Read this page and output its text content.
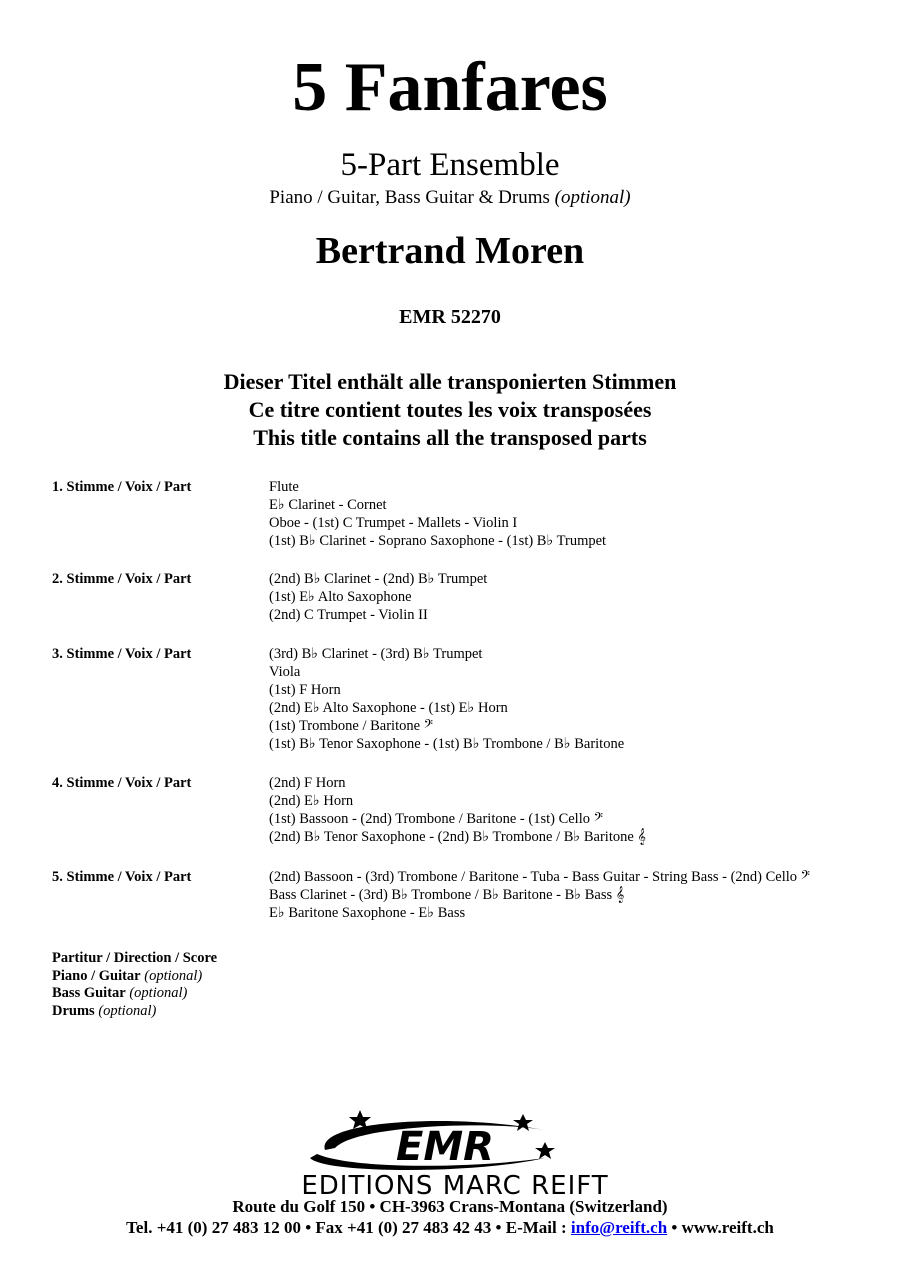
5 Fanfares
5-Part Ensemble
Piano / Guitar, Bass Guitar & Drums (optional)
Bertrand Moren
EMR 52270
Dieser Titel enthält alle transponierten Stimmen
Ce titre contient toutes les voix transposées
This title contains all the transposed parts
1. Stimme / Voix / Part	Flute
E♭ Clarinet - Cornet
Oboe - (1st) C Trumpet - Mallets - Violin I
(1st) B♭ Clarinet - Soprano Saxophone - (1st) B♭ Trumpet
2. Stimme / Voix / Part	(2nd) B♭ Clarinet - (2nd) B♭ Trumpet
(1st) E♭ Alto Saxophone
(2nd) C Trumpet - Violin II
3. Stimme / Voix / Part	(3rd) B♭ Clarinet - (3rd) B♭ Trumpet
Viola
(1st) F Horn
(2nd) E♭ Alto Saxophone - (1st) E♭ Horn
(1st) Trombone / Baritone 𝄢
(1st) B♭ Tenor Saxophone - (1st) B♭ Trombone / B♭ Baritone
4. Stimme / Voix / Part	(2nd) F Horn
(2nd) E♭ Horn
(1st) Bassoon - (2nd) Trombone / Baritone - (1st) Cello 𝄢
(2nd) B♭ Tenor Saxophone - (2nd) B♭ Trombone / B♭ Baritone 𝄞
5. Stimme / Voix / Part	(2nd) Bassoon - (3rd) Trombone / Baritone - Tuba - Bass Guitar - String Bass - (2nd) Cello 𝄢
Bass Clarinet - (3rd) B♭ Trombone / B♭ Baritone - B♭ Bass 𝄞
E♭ Baritone Saxophone - E♭ Bass
Partitur / Direction / Score
Piano / Guitar (optional)
Bass Guitar (optional)
Drums (optional)
EMR
EDITIONS MARC REIFT
Route du Golf 150 • CH-3963 Crans-Montana (Switzerland)
Tel. +41 (0) 27 483 12 00 • Fax +41 (0) 27 483 42 43 • E-Mail : info@reift.ch • www.reift.ch
